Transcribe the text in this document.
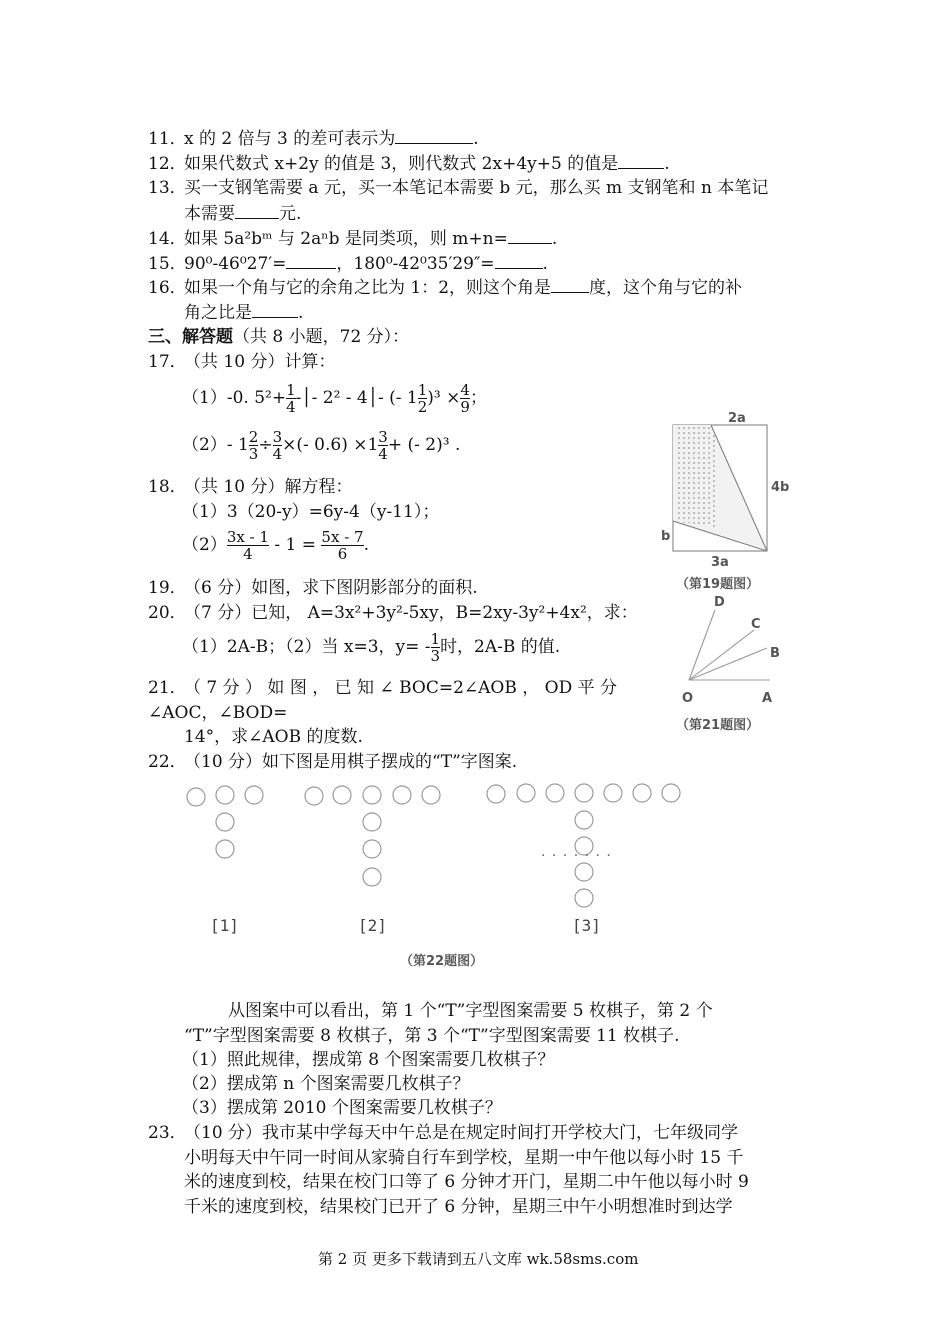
11．x 的 2 倍与 3 的差可表示为	.
12．如果代数式 x+2y 的值是 3，则代数式 2x+4y+5 的值是	.
13．买一支钢笔需要 a 元，买一本笔记本需要 b 元，那么买 m 支钢笔和 n 本笔记
本需要	元.
14．如果 5a²bᵐ 与 2aⁿb 是同类项，则 m+n=	.
15．90⁰-46⁰27′=	，180⁰-42⁰35′29″=	.
16．如果一个角与它的余角之比为 1：2，则这个角是 度，这个角与它的补
角之比是	.
三、解答题（共 8 小题，72 分）：
17．（共 10 分）计算：
（1）-0. $5^2+ \frac{1}{4}$ -│- 2² - 4│- (- $1 \frac{1}{2} )^3 \times \frac{4}{9}$ ；
（2）- $1 \frac{2}{3} \div \frac{3}{4}$ ×(- $0.6) \times 1 \frac{3}{4}$ + (- 2)³ .
18．（共 10 分）解方程：
（1）3（20-y）=6y-4（y-11）；
$(2) \frac{3x - 1}{4} - 1 = \frac{5x - 7}{6}$ .
19．（6 分）如图，求下图阴影部分的面积.
20．（7 分）已知， A=3x²+3y²-5xy，B=2xy-3y²+4x²，求：
（1）2A-B；（2）当 x=3，$y= - \frac{1}{3}$ 时，2A-B 的值.
21．（ 7 分 ） 如 图 ， 已 知 ∠ BOC=2∠AOB ， OD 平 分
∠AOC，∠BOD=
14°，求∠AOB 的度数.
22．（10 分）如下图是用棋子摆成的“T”字图案.
· · · · · · ·
[1]	[2]	[3]
（第22题图）
从图案中可以看出，第 1 个“T”字型图案需要 5 枚棋子，第 2 个
“T”字型图案需要 8 枚棋子，第 3 个“T”字型图案需要 11 枚棋子.
（1）照此规律，摆成第 8 个图案需要几枚棋子？
（2）摆成第 n 个图案需要几枚棋子？
（3）摆成第 2010 个图案需要几枚棋子？
23．（10 分）我市某中学每天中午总是在规定时间打开学校大门，七年级同学
小明每天中午同一时间从家骑自行车到学校，星期一中午他以每小时 15 千
米的速度到校，结果在校门口等了 6 分钟才开门，星期二中午他以每小时 9
千米的速度到校，结果校门已开了 6 分钟，星期三中午小明想准时到达学
2a
4b
b
3a
（第19题图）
D
C
B
O	A
（第21题图）
第 2 页 更多下载请到五八文库 wk.58sms.com
